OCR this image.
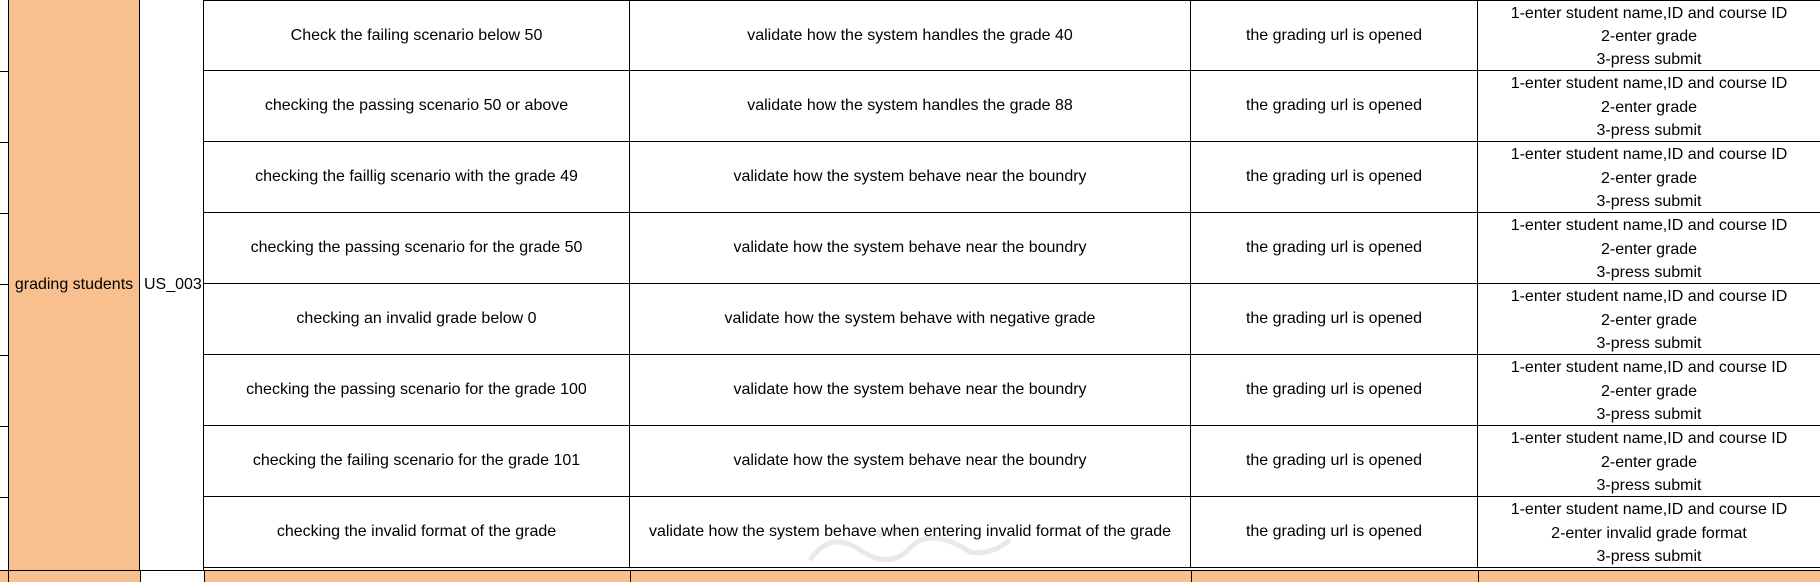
grading students US_003
Check the failing scenario below 50	validate how the system handles the grade 40	the grading url is opened
1-enter student name,ID and course ID
2-enter grade
3-press submit
checking the passing scenario 50 or above	validate how the system handles the grade 88	the grading url is opened
1-enter student name,ID and course ID
2-enter grade
3-press submit
checking the faillig scenario with the grade 49	validate how the system behave near the boundry	the grading url is opened
1-enter student name,ID and course ID
2-enter grade
3-press submit
checking the passing scenario for the grade 50	validate how the system behave near the boundry	the grading url is opened
1-enter student name,ID and course ID
2-enter grade
3-press submit
checking an invalid grade below 0	validate how the system behave with negative grade	the grading url is opened
1-enter student name,ID and course ID
2-enter grade
3-press submit
checking the passing scenario for the grade 100	validate how the system behave near the boundry	the grading url is opened
1-enter student name,ID and course ID
2-enter grade
3-press submit
checking the failing scenario for the grade 101	validate how the system behave near the boundry	the grading url is opened
1-enter student name,ID and course ID
2-enter grade
3-press submit
checking the invalid format of the grade	validate how the system behave when entering invalid format of the grade	the grading url is opened
1-enter student name,ID and course ID
2-enter invalid grade format
3-press submit
